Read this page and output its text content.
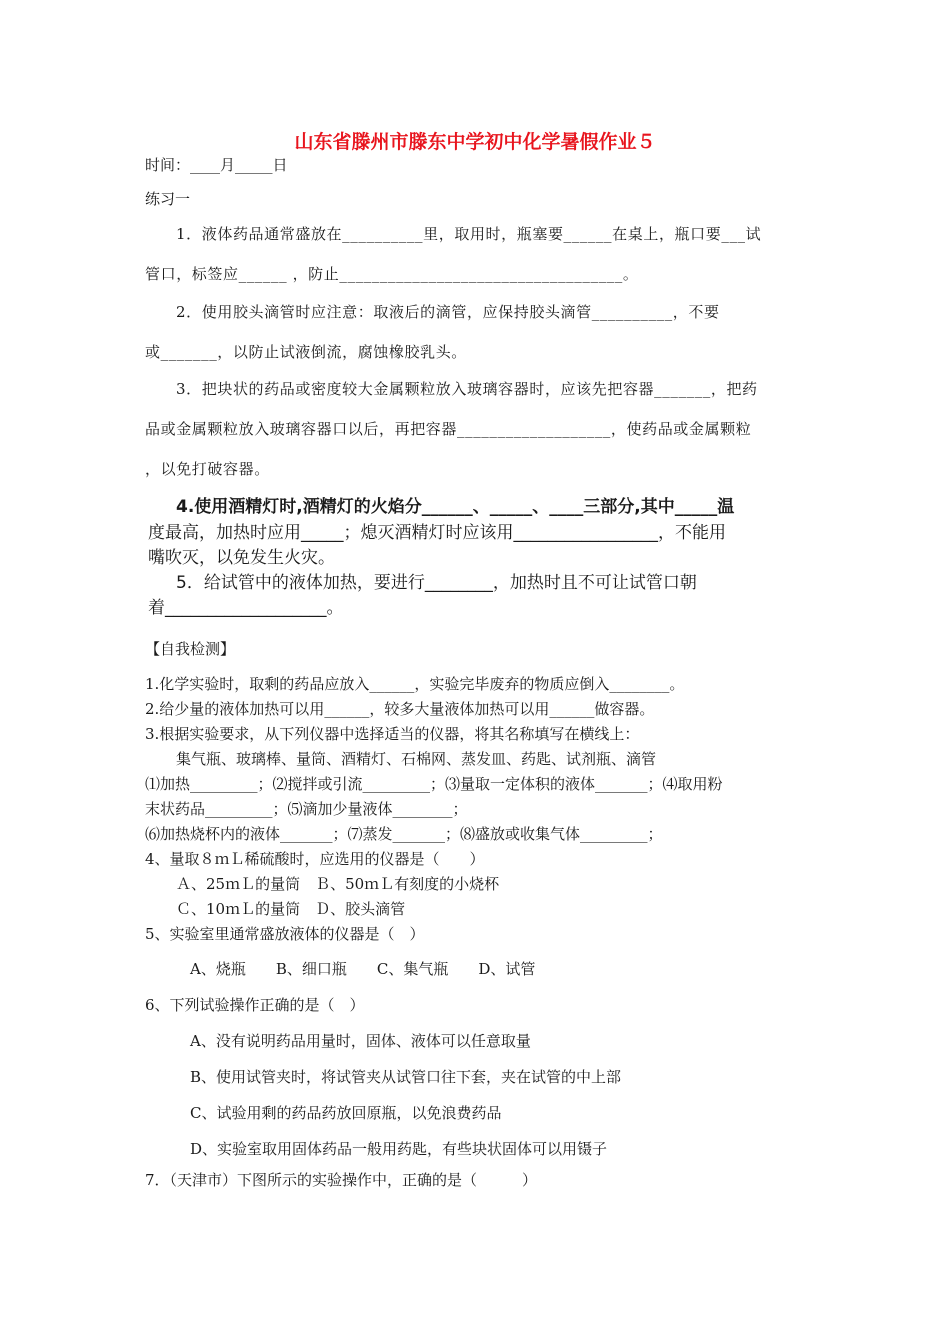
山东省滕州市滕东中学初中化学暑假作业５
时间：____月_____日
练习一
1．液体药品通常盛放在__________里，取用时，瓶塞要______在桌上，瓶口要___试
管口，标签应______ ，防止___________________________________。
2．使用胶头滴管时应注意：取液后的滴管，应保持胶头滴管__________，不要
或_______，以防止试液倒流，腐蚀橡胶乳头。
3．把块状的药品或密度较大金属颗粒放入玻璃容器时，应该先把容器_______，把药
品或金属颗粒放入玻璃容器口以后，再把容器___________________，使药品或金属颗粒
，以免打破容器。
4.使用酒精灯时,酒精灯的火焰分______、_____、____三部分,其中_____温
度最高，加热时应用_____；熄灭酒精灯时应该用_________________，不能用
嘴吹灭，以免发生火灾。
5．给试管中的液体加热，要进行________，加热时且不可让试管口朝
着___________________。
【自我检测】
1.化学实验时，取剩的药品应放入______，实验完毕废弃的物质应倒入________。
2.给少量的液体加热可以用______，较多大量液体加热可以用______做容器。
3.根据实验要求，从下列仪器中选择适当的仪器，将其名称填写在横线上：
集气瓶、玻璃棒、量筒、酒精灯、石棉网、蒸发皿、药匙、试剂瓶、滴管
⑴加热_________；⑵搅拌或引流_________；⑶量取一定体积的液体_______；⑷取用粉
末状药品_________；⑸滴加少量液体________；
⑹加热烧杯内的液体_______；⑺蒸发_______；⑻盛放或收集气体_________；
4、量取８ｍＬ稀硫酸时，应选用的仪器是（　　）
Ａ、25ｍＬ的量筒　Ｂ、50ｍＬ有刻度的小烧杯
Ｃ、10ｍＬ的量筒　Ｄ、胶头滴管
5、实验室里通常盛放液体的仪器是（　）
A、烧瓶　　B、细口瓶　　C、集气瓶　　D、试管
6、下列试验操作正确的是（　）
A、没有说明药品用量时，固体、液体可以任意取量
B、使用试管夹时，将试管夹从试管口往下套，夹在试管的中上部
C、试验用剩的药品药放回原瓶，以免浪费药品
D、实验室取用固体药品一般用药匙，有些块状固体可以用镊子
7．（天津市）下图所示的实验操作中，正确的是（　　　）
